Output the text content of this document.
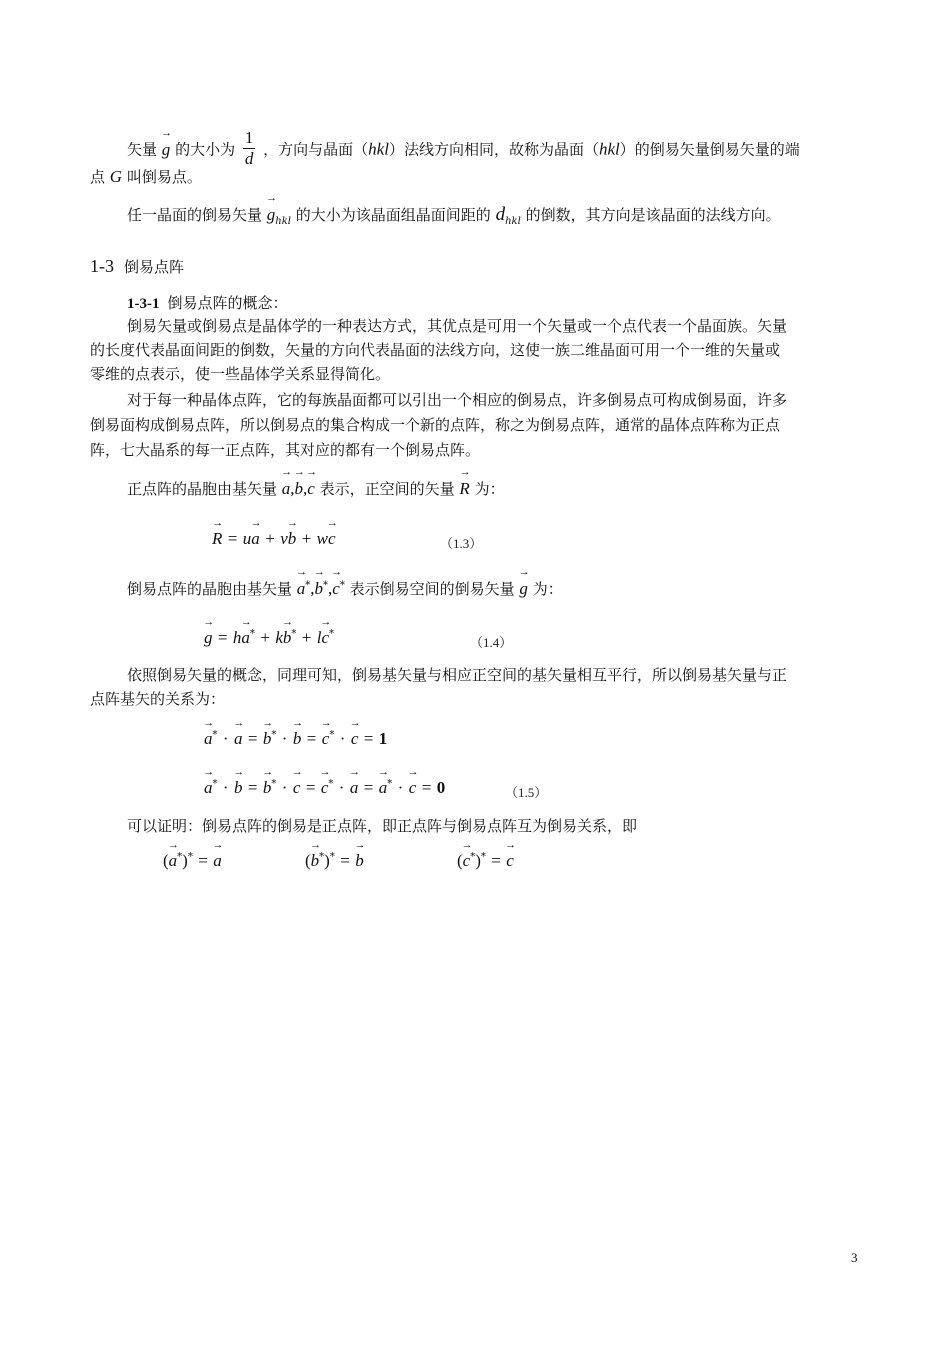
矢量 → g 的大小为 $\frac{1}{d}$ ，方向与晶面（hkl）法线方向相同，故称为晶面（hkl）的倒易矢量倒易矢量的端
点 G 叫倒易点。
任一晶面的倒易矢量 → $g_{hkl}$ 的大小为该晶面组晶面间距的 $d_{hkl}$ 的倒数，其方向是该晶面的法线方向。
1-3 倒易点阵
1-3-1 倒易点阵的概念：
倒易矢量或倒易点是晶体学的一种表达方式，其优点是可用一个矢量或一个点代表一个晶面族。矢量
的长度代表晶面间距的倒数，矢量的方向代表晶面的法线方向，这使一族二维晶面可用一个一维的矢量或
零维的点表示，使一些晶体学关系显得简化。
对于每一种晶体点阵，它的每族晶面都可以引出一个相应的倒易点，许多倒易点可构成倒易面，许多
倒易面构成倒易点阵，所以倒易点的集合构成一个新的点阵，称之为倒易点阵，通常的晶体点阵称为正点
阵，七大晶系的每一正点阵，其对应的都有一个倒易点阵。
正点阵的晶胞由基矢量 → a,→ b,→ c 表示，正空间的矢量 → R 为：
→ R = u→ a + v→ b + w→ c	（1.3）
倒易点阵的晶胞由基矢量 → a*,→ b*,→ c* 表示倒易空间的倒易矢量 → g 为：
→ g = h→ a* + k→ b* + l→ c*
（1.4）
依照倒易矢量的概念，同理可知，倒易基矢量与相应正空间的基矢量相互平行，所以倒易基矢量与正
点阵基矢的关系为：
→ a* · → a = → b* · → b = → c* · → c = 1
→ a* · → b = → b* · → c = → c* · → a = → a* · → c = 0	（1.5）
可以证明：倒易点阵的倒易是正点阵，即正点阵与倒易点阵互为倒易关系，即
(→ a*)* = → a	(→ b*)* = → b	(→ c*)* = → c
3
